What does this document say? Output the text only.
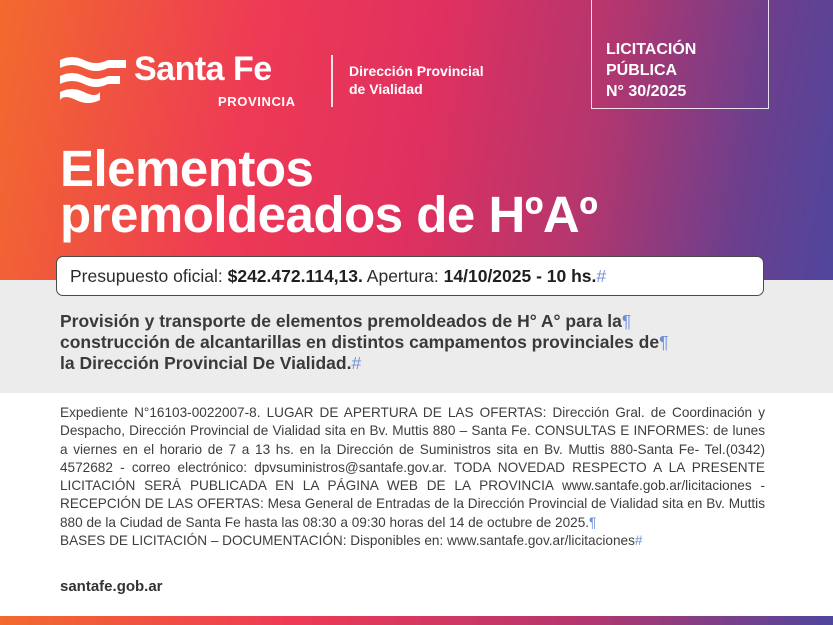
Santa Fe
PROVINCIA
Dirección Provincial
de Vialidad
LICITACIÓN
PÚBLICA
N° 30/2025
Elementos
premoldeados de HºAº
Presupuesto oficial: $242.472.114,13. Apertura: 14/10/2025 - 10 hs.#
Provisión y transporte de elementos premoldeados de H° A° para la¶
construcción de alcantarillas en distintos campamentos provinciales de¶
la Dirección Provincial De Vialidad.#

Expediente N°16103-0022007-8. LUGAR DE APERTURA DE LAS OFERTAS: Dirección Gral. de Coordinación y Despacho, Dirección Provincial de Vialidad sita en Bv. Muttis 880 – Santa Fe. CONSULTAS E INFORMES: de lunes a viernes en el horario de 7 a 13 hs. en la Dirección de Suministros sita en Bv. Muttis 880-Santa Fe- Tel.(0342) 4572682 - correo electrónico: dpvsuministros@santafe.gov.ar. TODA NOVEDAD RESPECTO A LA PRESENTE LICITACIÓN SERÁ PUBLICADA EN LA PÁGINA WEB DE LA PROVINCIA www.santafe.gob.ar/licitaciones - RECEPCIÓN DE LAS OFERTAS: Mesa General de Entradas de la Dirección Provincial de Vialidad sita en Bv. Muttis 880 de la Ciudad de Santa Fe hasta las 08:30 a 09:30 horas del 14 de octubre de 2025.¶

BASES DE LICITACIÓN – DOCUMENTACIÓN: Disponibles en: www.santafe.gov.ar/licitaciones#

santafe.gob.ar
